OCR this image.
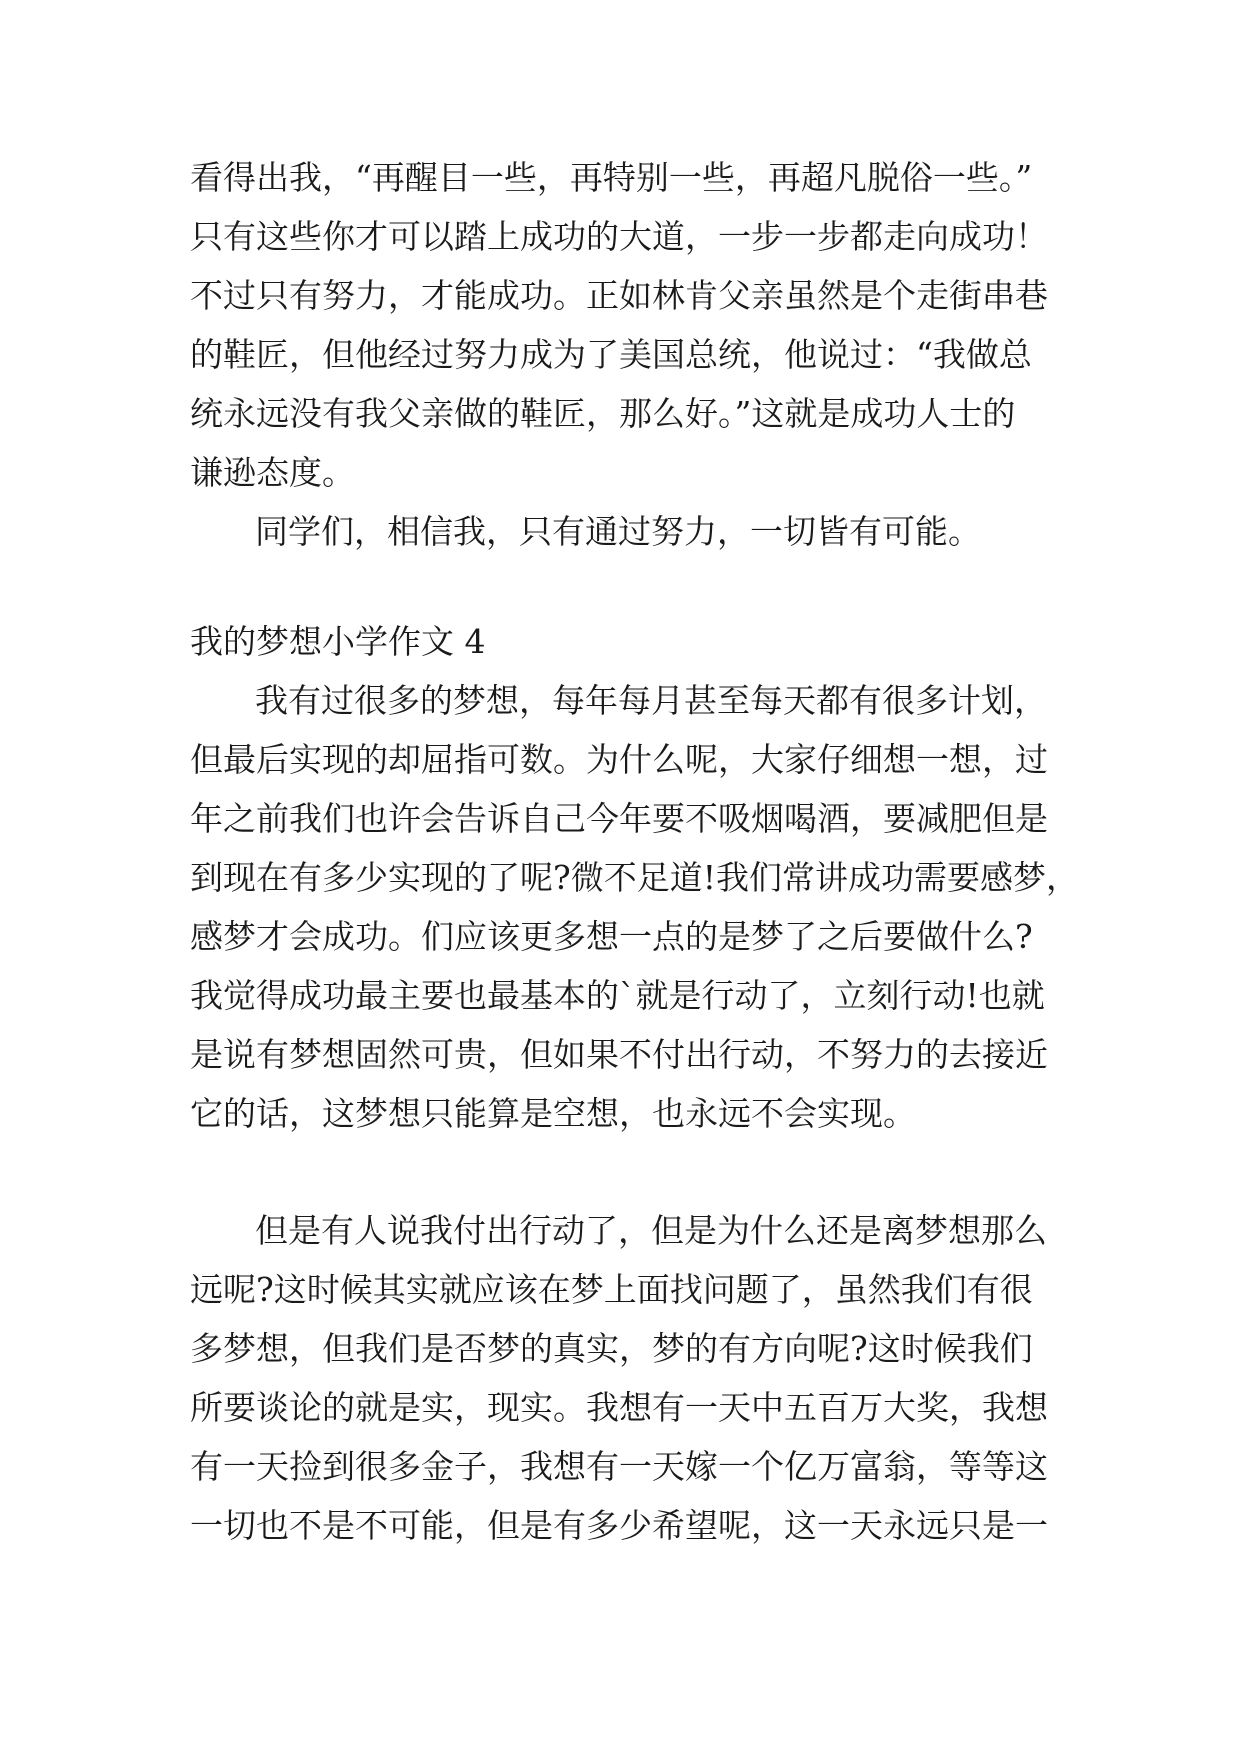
看得出我，“再醒目一些，再特别一些，再超凡脱俗一些。”
只有这些你才可以踏上成功的大道，一步一步都走向成功！
不过只有努力，才能成功。正如林肯父亲虽然是个走街串巷
的鞋匠，但他经过努力成为了美国总统，他说过：“我做总
统永远没有我父亲做的鞋匠，那么好。”这就是成功人士的
谦逊态度。
同学们，相信我，只有通过努力，一切皆有可能。
我的梦想小学作文 4
我有过很多的梦想，每年每月甚至每天都有很多计划，
但最后实现的却屈指可数。为什么呢，大家仔细想一想，过
年之前我们也许会告诉自己今年要不吸烟喝酒，要减肥但是
到现在有多少实现的了呢?微不足道!我们常讲成功需要感梦，
感梦才会成功。们应该更多想一点的是梦了之后要做什么?
我觉得成功最主要也最基本的`就是行动了，立刻行动!也就
是说有梦想固然可贵，但如果不付出行动，不努力的去接近
它的话，这梦想只能算是空想，也永远不会实现。
但是有人说我付出行动了，但是为什么还是离梦想那么
远呢?这时候其实就应该在梦上面找问题了，虽然我们有很
多梦想，但我们是否梦的真实，梦的有方向呢?这时候我们
所要谈论的就是实，现实。我想有一天中五百万大奖，我想
有一天捡到很多金子，我想有一天嫁一个亿万富翁，等等这
一切也不是不可能，但是有多少希望呢，这一天永远只是一
